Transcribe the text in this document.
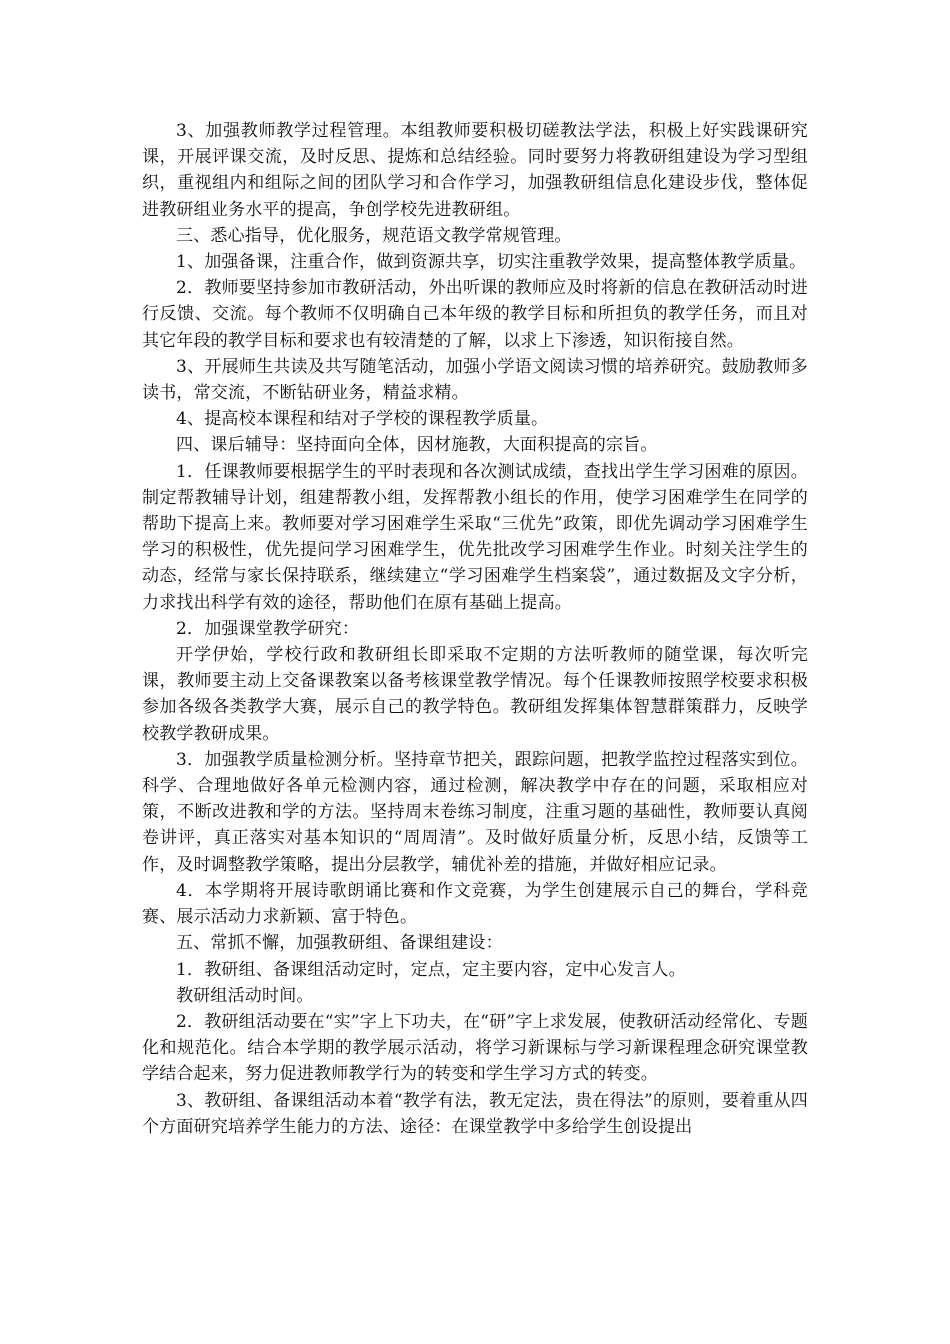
3、加强教师教学过程管理。本组教师要积极切磋教法学法，积极上好实践课研究课，开展评课交流，及时反思、提炼和总结经验。同时要努力将教研组建设为学习型组织，重视组内和组际之间的团队学习和合作学习，加强教研组信息化建设步伐，整体促进教研组业务水平的提高，争创学校先进教研组。

三、悉心指导，优化服务，规范语文教学常规管理。

1、加强备课，注重合作，做到资源共享，切实注重教学效果，提高整体教学质量。

2．教师要坚持参加市教研活动，外出听课的教师应及时将新的信息在教研活动时进行反馈、交流。每个教师不仅明确自己本年级的教学目标和所担负的教学任务，而且对其它年段的教学目标和要求也有较清楚的了解，以求上下渗透，知识衔接自然。

3、开展师生共读及共写随笔活动，加强小学语文阅读习惯的培养研究。鼓励教师多读书，常交流，不断钻研业务，精益求精。

4、提高校本课程和结对子学校的课程教学质量。

四、课后辅导：坚持面向全体，因材施教，大面积提高的宗旨。

1．任课教师要根据学生的平时表现和各次测试成绩，查找出学生学习困难的原因。制定帮教辅导计划，组建帮教小组，发挥帮教小组长的作用，使学习困难学生在同学的帮助下提高上来。教师要对学习困难学生采取“三优先”政策，即优先调动学习困难学生学习的积极性，优先提问学习困难学生，优先批改学习困难学生作业。时刻关注学生的动态，经常与家长保持联系，继续建立“学习困难学生档案袋”，通过数据及文字分析，力求找出科学有效的途径，帮助他们在原有基础上提高。

2．加强课堂教学研究：

开学伊始，学校行政和教研组长即采取不定期的方法听教师的随堂课，每次听完课，教师要主动上交备课教案以备考核课堂教学情况。每个任课教师按照学校要求积极参加各级各类教学大赛，展示自己的教学特色。教研组发挥集体智慧群策群力，反映学校教学教研成果。

3．加强教学质量检测分析。坚持章节把关，跟踪问题，把教学监控过程落实到位。科学、合理地做好各单元检测内容，通过检测，解决教学中存在的问题，采取相应对策，不断改进教和学的方法。坚持周末卷练习制度，注重习题的基础性，教师要认真阅卷讲评，真正落实对基本知识的“周周清”。及时做好质量分析，反思小结，反馈等工作，及时调整教学策略，提出分层教学，辅优补差的措施，并做好相应记录。

4．本学期将开展诗歌朗诵比赛和作文竞赛，为学生创建展示自己的舞台，学科竞赛、展示活动力求新颖、富于特色。

五、常抓不懈，加强教研组、备课组建设：

1．教研组、备课组活动定时，定点，定主要内容，定中心发言人。

教研组活动时间。

2．教研组活动要在“实”字上下功夫，在“研”字上求发展，使教研活动经常化、专题化和规范化。结合本学期的教学展示活动，将学习新课标与学习新课程理念研究课堂教学结合起来，努力促进教师教学行为的转变和学生学习方式的转变。

3、教研组、备课组活动本着“教学有法，教无定法，贵在得法”的原则，要着重从四个方面研究培养学生能力的方法、途径：在课堂教学中多给学生创设提出
